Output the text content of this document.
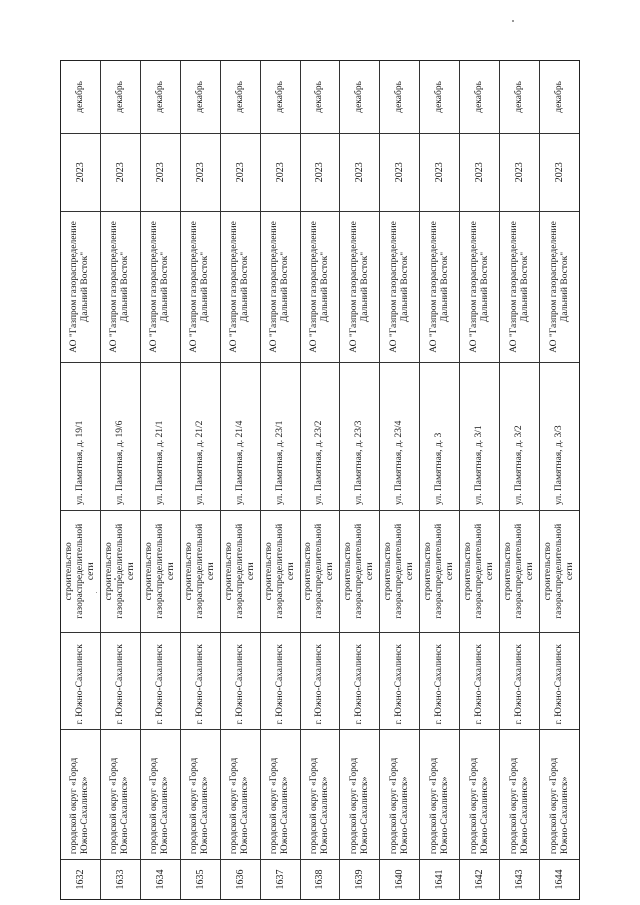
1632
городской округ «Город Южно-Сахалинск»
г. Южно-Сахалинск
строительство газораспределительной сети
ул. Памятная, д. 19/1
АО "Газпром газораспределение Дальний Восток"
2023
декабрь
1633
городской округ «Город Южно-Сахалинск»
г. Южно-Сахалинск
строительство газораспределительной сети
ул. Памятная, д. 19/6
АО "Газпром газораспределение Дальний Восток"
2023
декабрь
1634
городской округ «Город Южно-Сахалинск»
г. Южно-Сахалинск
строительство газораспределительной сети
ул. Памятная, д. 21/1
АО "Газпром газораспределение Дальний Восток"
2023
декабрь
1635
городской округ «Город Южно-Сахалинск»
г. Южно-Сахалинск
строительство газораспределительной сети
ул. Памятная, д. 21/2
АО "Газпром газораспределение Дальний Восток"
2023
декабрь
1636
городской округ «Город Южно-Сахалинск»
г. Южно-Сахалинск
строительство газораспределительной сети
ул. Памятная, д. 21/4
АО "Газпром газораспределение Дальний Восток"
2023
декабрь
1637
городской округ «Город Южно-Сахалинск»
г. Южно-Сахалинск
строительство газораспределительной сети
ул. Памятная, д. 23/1
АО "Газпром газораспределение Дальний Восток"
2023
декабрь
1638
городской округ «Город Южно-Сахалинск»
г. Южно-Сахалинск
строительство газораспределительной сети
ул. Памятная, д. 23/2
АО "Газпром газораспределение Дальний Восток"
2023
декабрь
1639
городской округ «Город Южно-Сахалинск»
г. Южно-Сахалинск
строительство газораспределительной сети
ул. Памятная, д. 23/3
АО "Газпром газораспределение Дальний Восток"
2023
декабрь
1640
городской округ «Город Южно-Сахалинск»
г. Южно-Сахалинск
строительство газораспределительной сети
ул. Памятная, д. 23/4
АО "Газпром газораспределение Дальний Восток"
2023
декабрь
1641
городской округ «Город Южно-Сахалинск»
г. Южно-Сахалинск
строительство газораспределительной сети
ул. Памятная, д. 3
АО "Газпром газораспределение Дальний Восток"
2023
декабрь
1642
городской округ «Город Южно-Сахалинск»
г. Южно-Сахалинск
строительство газораспределительной сети
ул. Памятная, д. 3/1
АО "Газпром газораспределение Дальний Восток"
2023
декабрь
1643
городской округ «Город Южно-Сахалинск»
г. Южно-Сахалинск
строительство газораспределительной сети
ул. Памятная, д. 3/2
АО "Газпром газораспределение Дальний Восток"
2023
декабрь
1644
городской округ «Город Южно-Сахалинск»
г. Южно-Сахалинск
строительство газораспределительной сети
ул. Памятная, д. 3/3
АО "Газпром газораспределение Дальний Восток"
2023
декабрь
